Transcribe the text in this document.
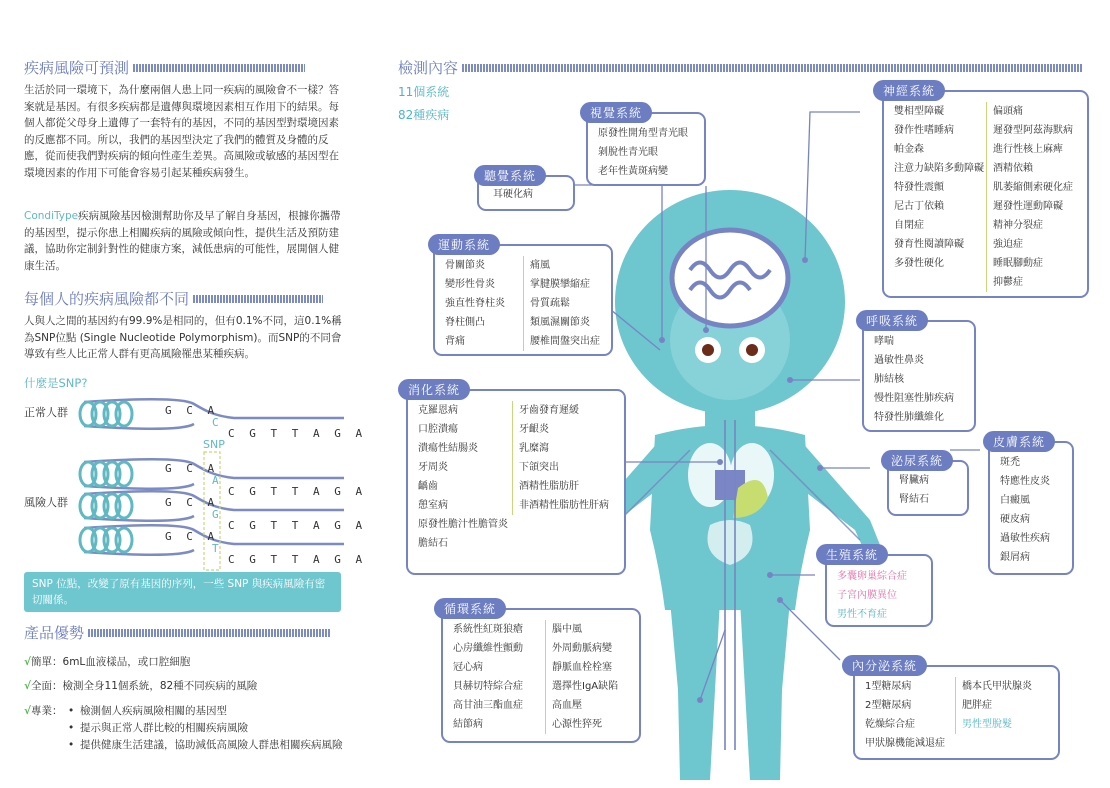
疾病風險可預測
生活於同一環境下，為什麼兩個人患上同一疾病的風險會不一樣？答案就是基因。有很多疾病都是遺傳與環境因素相互作用下的結果。每個人都從父母身上遺傳了一套特有的基因，不同的基因型對環境因素的反應都不同。所以，我們的基因型決定了我們的體質及身體的反應，從而使我們對疾病的傾向性產生差異。高風險或敏感的基因型在環境因素的作用下可能會容易引起某種疾病發生。
CondiType疾病風險基因檢測幫助你及早了解自身基因，根據你攜帶的基因型，提示你患上相關疾病的風險或傾向性，提供生活及預防建議，協助你定制針對性的健康方案，減低患病的可能性，展開個人健康生活。
每個人的疾病風險都不同
人與人之間的基因約有99.9%是相同的，但有0.1%不同，這0.1%稱為SNP位點 (Single Nucleotide Polymorphism)。而SNP的不同會導致有些人比正常人群有更高風險罹患某種疾病。
什麼是SNP?
正常人群
風險人群
G C A
C
C G T T A G A
SNP
G C A
A
C G T T A G A
G C A
G
C G T T A G A
G C A
T
C G T T A G A
SNP 位點，改變了原有基因的序列，一些 SNP 與疾病風險有密切關係。
產品優勢
√簡單：6mL血液樣品，或口腔細胞
√全面：檢測全身11個系統，82種不同疾病的風險
√專業： • 檢測個人疾病風險相關的基因型
• 提示與正常人群比較的相關疾病風險
• 提供健康生活建議，協助減低高風險人群患相關疾病風險
檢測內容
11個系統
82種疾病
原發性開角型青光眼
剝脫性青光眼
老年性黃斑病變
視覺系統
耳硬化病
聽覺系統
雙相型障礙
發作性嗜睡病
帕金森
注意力缺陷多動障礙
特發性震顫
尼古丁依賴
自閉症
發育性閱讀障礙
多發性硬化
偏頭痛
遲發型阿茲海默病
進行性核上麻痺
酒精依賴
肌萎縮側索硬化症
遲發性運動障礙
精神分裂症
強迫症
睡眠腳動症
抑鬱症
神經系統
骨關節炎
變形性骨炎
強直性脊柱炎
脊柱側凸
背痛
痛風
掌腱膜攣縮症
骨質疏鬆
類風濕關節炎
腰椎間盤突出症
運動系統
哮喘
過敏性鼻炎
肺結核
慢性阻塞性肺疾病
特發性肺纖維化
呼吸系統
克羅恩病
口腔潰瘍
潰瘍性結腸炎
牙周炎
齲齒
憩室病
原發性膽汁性膽管炎
膽結石
牙齒發育遲緩
牙齦炎
乳糜瀉
下頜突出
酒精性脂肪肝
非酒精性脂肪性肝病
消化系統
斑禿
特應性皮炎
白癜風
硬皮病
過敏性疾病
銀屑病
皮膚系統
腎臟病
腎結石
泌尿系統
多囊卵巢綜合症
子宮內膜異位
男性不育症
生殖系統
系統性紅斑狼瘡
心房纖維性顫動
冠心病
貝赫切特綜合症
高甘油三酯血症
結節病
腦中風
外周動脈病變
靜脈血栓栓塞
選擇性IgA缺陷
高血壓
心源性猝死
循環系統
1型糖尿病
2型糖尿病
乾燥綜合症
甲狀腺機能減退症
橋本氏甲狀腺炎
肥胖症
男性型脫髮
內分泌系統
